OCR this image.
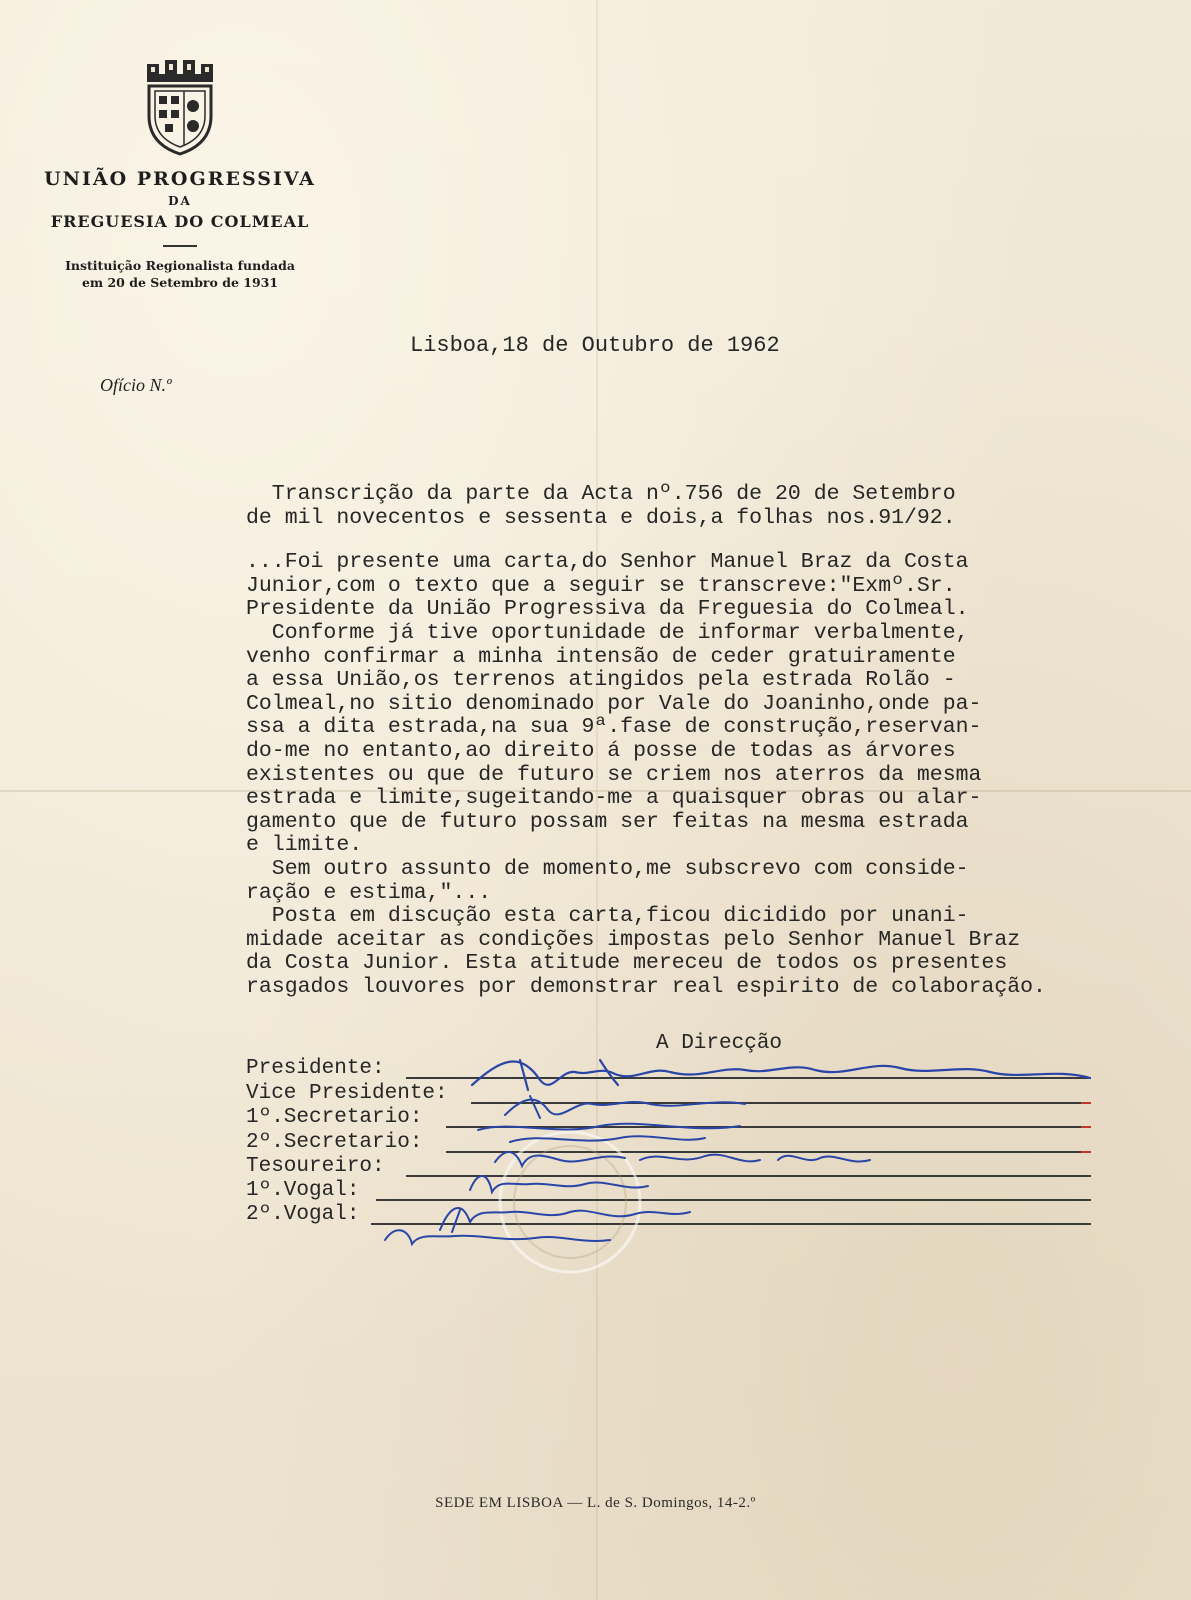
UNIÃO PROGRESSIVA
DA
FREGUESIA DO COLMEAL
Instituição Regionalista fundada
em 20 de Setembro de 1931
Ofício N.º
Lisboa,18 de Outubro de 1962
Transcrição da parte da Acta nº.756 de 20 de Setembro
de mil novecentos e sessenta e dois,a folhas nos.91/92.
...Foi presente uma carta,do Senhor Manuel Braz da Costa
Junior,com o texto que a seguir se transcreve:"Exmº.Sr.
Presidente da União Progressiva da Freguesia do Colmeal.
Conforme já tive oportunidade de informar verbalmente,
venho confirmar a minha intensão de ceder gratuiramente
a essa União,os terrenos atingidos pela estrada Rolão -
Colmeal,no sitio denominado por Vale do Joaninho,onde pa-
ssa a dita estrada,na sua 9ª.fase de construção,reservan-
do-me no entanto,ao direito á posse de todas as árvores
existentes ou que de futuro se criem nos aterros da mesma
estrada e limite,sugeitando-me a quaisquer obras ou alar-
gamento que de futuro possam ser feitas na mesma estrada
e limite.
Sem outro assunto de momento,me subscrevo com conside-
ração e estima,"...
Posta em discução esta carta,ficou dicidido por unani-
midade aceitar as condições impostas pelo Senhor Manuel Braz
da Costa Junior. Esta atitude mereceu de todos os presentes
rasgados louvores por demonstrar real espirito de colaboração.
A Direcção
Presidente:
Vice Presidente:
1º.Secretario:
2º.Secretario:
Tesoureiro:
1º.Vogal:
2º.Vogal:
SEDE EM LISBOA — L. de S. Domingos, 14-2.º
